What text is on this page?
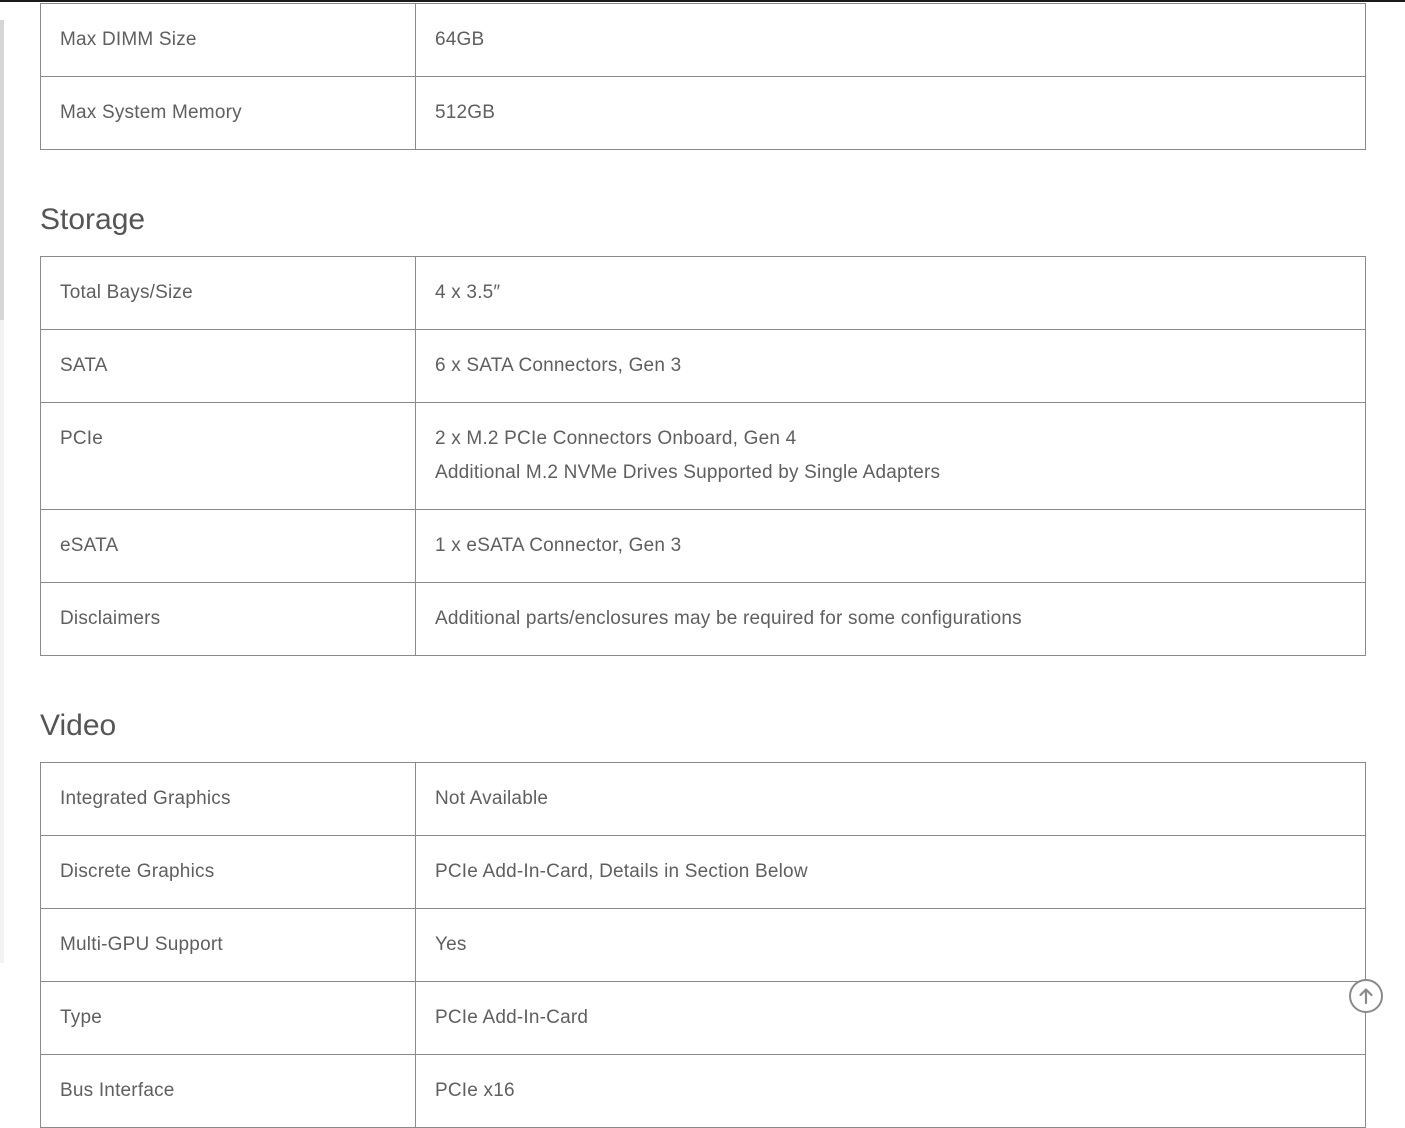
Max DIMM Size	64GB

Max System Memory	512GB
Storage
Total Bays/Size	4 x 3.5″

SATA	6 x SATA Connectors, Gen 3

PCIe	2 x M.2 PCIe Connectors Onboard, Gen 4
Additional M.2 NVMe Drives Supported by Single Adapters

eSATA	1 x eSATA Connector, Gen 3

Disclaimers	Additional parts/enclosures may be required for some configurations
Video
Integrated Graphics	Not Available

Discrete Graphics	PCIe Add-In-Card, Details in Section Below

Multi-GPU Support	Yes

Type	PCIe Add-In-Card

Bus Interface	PCIe x16
